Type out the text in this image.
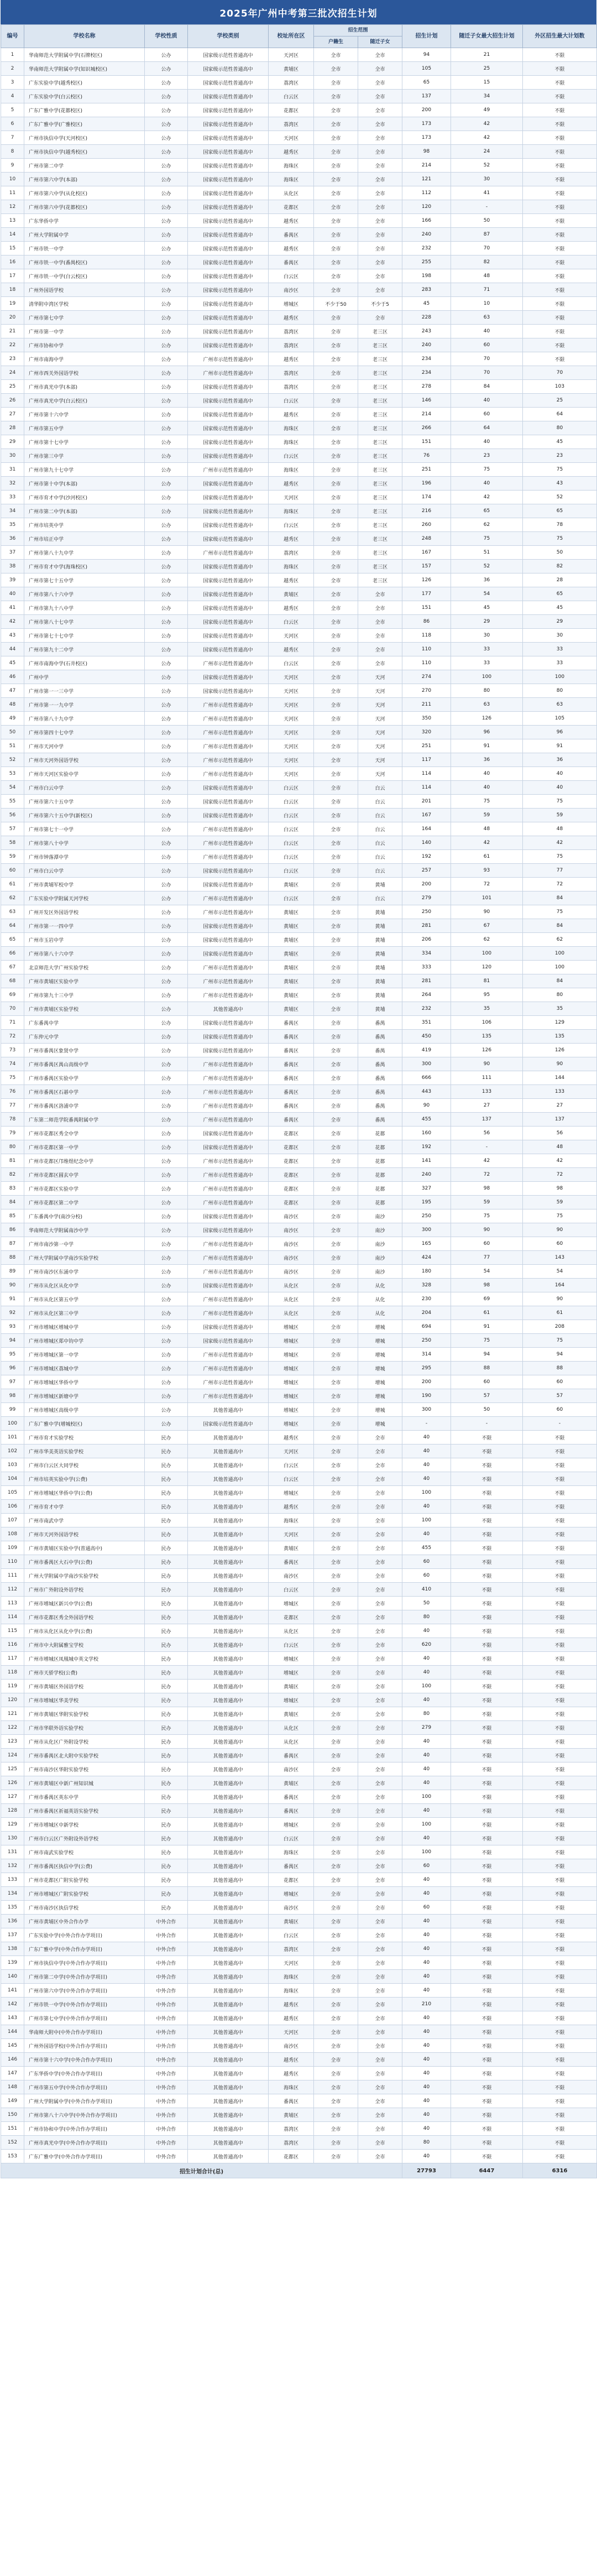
2025年广州中考第三批次招生计划
编号	学校名称	学校性质	学校类别	校址所在区	招生范围		招生计划	随迁子女最大招生计划	外区招生最大计划数
					户籍生	随迁子女			
1	华南师范大学附属中学(石牌校区)	公办	国家级示范性普通高中	天河区	全市	全市	94	21	不限
2	华南师范大学附属中学(知识城校区)	公办	国家级示范性普通高中	黄埔区	全市	全市	105	25	不限
3	广东实验中学(越秀校区)	公办	国家级示范性普通高中	荔湾区	全市	全市	65	15	不限
4	广东实验中学(白云校区)	公办	国家级示范性普通高中	白云区	全市	全市	137	34	不限
5	广东广雅中学(花都校区)	公办	国家级示范性普通高中	花都区	全市	全市	200	49	不限
6	广东广雅中学(广雅校区)	公办	国家级示范性普通高中	荔湾区	全市	全市	173	42	不限
7	广州市执信中学(天河校区)	公办	国家级示范性普通高中	天河区	全市	全市	173	42	不限
8	广州市执信中学(越秀校区)	公办	国家级示范性普通高中	越秀区	全市	全市	98	24	不限
9	广州市第二中学	公办	国家级示范性普通高中	海珠区	全市	全市	214	52	不限
10	广州市第六中学(本部)	公办	国家级示范性普通高中	海珠区	全市	全市	121	30	不限
11	广州市第六中学(从化校区)	公办	国家级示范性普通高中	从化区	全市	全市	112	41	不限
12	广州市第六中学(花都校区)	公办	国家级示范性普通高中	花都区	全市	全市	120	-	不限
13	广东华侨中学	公办	国家级示范性普通高中	越秀区	全市	全市	166	50	不限
14	广州大学附属中学	公办	国家级示范性普通高中	番禺区	全市	全市	240	87	不限
15	广州市铁一中学	公办	国家级示范性普通高中	越秀区	全市	全市	232	70	不限
16	广州市铁一中学(番禺校区)	公办	国家级示范性普通高中	番禺区	全市	全市	255	82	不限
17	广州市铁一中学(白云校区)	公办	国家级示范性普通高中	白云区	全市	全市	198	48	不限
18	广州外国语学校	公办	国家级示范性普通高中	南沙区	全市	全市	283	71	不限
19	清华附中湾区学校	公办	国家级示范性普通高中	增城区	不少于50	不少于5	45	10	不限
20	广州市第七中学	公办	国家级示范性普通高中	越秀区	全市	全市	228	63	不限
21	广州市第一中学	公办	国家级示范性普通高中	荔湾区	全市	老三区	243	40	不限
22	广州市协和中学	公办	国家级示范性普通高中	荔湾区	全市	老三区	240	60	不限
23	广州市南海中学	公办	广州市示范性普通高中	越秀区	全市	老三区	234	70	不限
24	广州市西关外国语学校	公办	广州市示范性普通高中	荔湾区	全市	老三区	234	70	70
25	广州市真光中学(本部)	公办	国家级示范性普通高中	荔湾区	全市	老三区	278	84	103
26	广州市真光中学(白云校区)	公办	国家级示范性普通高中	白云区	全市	老三区	146	40	25
27	广州市第十六中学	公办	国家级示范性普通高中	越秀区	全市	老三区	214	60	64
28	广州市第五中学	公办	国家级示范性普通高中	海珠区	全市	老三区	266	64	80
29	广州市第十七中学	公办	国家级示范性普通高中	海珠区	全市	老三区	151	40	45
30	广州市第三中学	公办	国家级示范性普通高中	白云区	全市	老三区	76	23	23
31	广州市第九十七中学	公办	广州市示范性普通高中	海珠区	全市	老三区	251	75	75
32	广州市第十中学(本部)	公办	国家级示范性普通高中	越秀区	全市	老三区	196	40	43
33	广州市育才中学(沙河校区)	公办	国家级示范性普通高中	天河区	全市	老三区	174	42	52
34	广州市第二中学(本部)	公办	国家级示范性普通高中	海珠区	全市	老三区	216	65	65
35	广州市培英中学	公办	国家级示范性普通高中	白云区	全市	老三区	260	62	78
36	广州市培正中学	公办	国家级示范性普通高中	越秀区	全市	老三区	248	75	75
37	广州市第八十九中学	公办	广州市示范性普通高中	荔湾区	全市	老三区	167	51	50
38	广州市育才中学(海珠校区)	公办	国家级示范性普通高中	海珠区	全市	老三区	157	52	82
39	广州市第七十五中学	公办	国家级示范性普通高中	越秀区	全市	老三区	126	36	28
40	广州市第八十六中学	公办	国家级示范性普通高中	黄埔区	全市	全市	177	54	65
41	广州市第九十八中学	公办	国家级示范性普通高中	越秀区	全市	全市	151	45	45
42	广州市第八十七中学	公办	国家级示范性普通高中	白云区	全市	全市	86	29	29
43	广州市第七十七中学	公办	国家级示范性普通高中	天河区	全市	全市	118	30	30
44	广州市第九十二中学	公办	国家级示范性普通高中	越秀区	全市	全市	110	33	33
45	广州市南海中学(石井校区)	公办	广州市示范性普通高中	白云区	全市	全市	110	33	33
46	广州中学	公办	国家级示范性普通高中	天河区	全市	天河	274	100	100
47	广州市第一一三中学	公办	国家级示范性普通高中	天河区	全市	天河	270	80	80
48	广州市第一一九中学	公办	广州市示范性普通高中	天河区	全市	天河	211	63	63
49	广州市第八十九中学	公办	广州市示范性普通高中	天河区	全市	天河	350	126	105
50	广州市第四十七中学	公办	广州市示范性普通高中	天河区	全市	天河	320	96	96
51	广州市天河中学	公办	广州市示范性普通高中	天河区	全市	天河	251	91	91
52	广州市天河外国语学校	公办	广州市示范性普通高中	天河区	全市	天河	117	36	36
53	广州市天河区实验中学	公办	广州市示范性普通高中	天河区	全市	天河	114	40	40
54	广州市白云中学	公办	国家级示范性普通高中	白云区	全市	白云	114	40	40
55	广州市第六十五中学	公办	国家级示范性普通高中	白云区	全市	白云	201	75	75
56	广州市第六十五中学(新校区)	公办	国家级示范性普通高中	白云区	全市	白云	167	59	59
57	广州市第七十一中学	公办	广州市示范性普通高中	白云区	全市	白云	164	48	48
58	广州市第八十中学	公办	广州市示范性普通高中	白云区	全市	白云	140	42	42
59	广州市钟落潭中学	公办	广州市示范性普通高中	白云区	全市	白云	192	61	75
60	广州市白云中学	公办	国家级示范性普通高中	白云区	全市	白云	257	93	77
61	广州市黄埔军校中学	公办	国家级示范性普通高中	黄埔区	全市	黄埔	200	72	72
62	广东实验中学附属天河学校	公办	广州市示范性普通高中	白云区	全市	白云	279	101	84
63	广州开发区外国语学校	公办	广州市示范性普通高中	黄埔区	全市	黄埔	250	90	75
64	广州市第一一四中学	公办	国家级示范性普通高中	黄埔区	全市	黄埔	281	67	84
65	广州市玉岩中学	公办	国家级示范性普通高中	黄埔区	全市	黄埔	206	62	62
66	广州市第八十六中学	公办	国家级示范性普通高中	黄埔区	全市	黄埔	334	100	100
67	北京师范大学广州实验学校	公办	广州市示范性普通高中	黄埔区	全市	黄埔	333	120	100
68	广州市黄埔区实验中学	公办	广州市示范性普通高中	黄埔区	全市	黄埔	281	81	84
69	广州市第九十三中学	公办	广州市示范性普通高中	黄埔区	全市	黄埔	264	95	80
70	广州市黄埔区实验学校	公办	其他普通高中	黄埔区	全市	黄埔	232	35	35
71	广东番禺中学	公办	国家级示范性普通高中	番禺区	全市	番禺	351	106	129
72	广东仲元中学	公办	国家级示范性普通高中	番禺区	全市	番禺	450	135	135
73	广州市番禺区象贤中学	公办	国家级示范性普通高中	番禺区	全市	番禺	419	126	126
74	广州市番禺区禺山高级中学	公办	广州市示范性普通高中	番禺区	全市	番禺	300	90	90
75	广州市番禺区实验中学	公办	广州市示范性普通高中	番禺区	全市	番禺	666	111	144
76	广州市番禺区石碁中学	公办	广州市示范性普通高中	番禺区	全市	番禺	443	133	133
77	广州市番禺区洛浦中学	公办	广州市示范性普通高中	番禺区	全市	番禺	90	27	27
78	广东第二师范学院番禺附属中学	公办	广州市示范性普通高中	番禺区	全市	番禺	455	137	137
79	广州市花都区秀全中学	公办	国家级示范性普通高中	花都区	全市	花都	160	56	56
80	广州市花都区第一中学	公办	国家级示范性普通高中	花都区	全市	花都	192	-	48
81	广州市花都区邝维煜纪念中学	公办	广州市示范性普通高中	花都区	全市	花都	141	42	42
82	广州市花都区圆玄中学	公办	广州市示范性普通高中	花都区	全市	花都	240	72	72
83	广州市花都区实验中学	公办	广州市示范性普通高中	花都区	全市	花都	327	98	98
84	广州市花都区第二中学	公办	广州市示范性普通高中	花都区	全市	花都	195	59	59
85	广东番禺中学(南沙分校)	公办	国家级示范性普通高中	南沙区	全市	南沙	250	75	75
86	华南师范大学附属南沙中学	公办	国家级示范性普通高中	南沙区	全市	南沙	300	90	90
87	广州市南沙第一中学	公办	广州市示范性普通高中	南沙区	全市	南沙	165	60	60
88	广州大学附属中学南沙实验学校	公办	广州市示范性普通高中	南沙区	全市	南沙	424	77	143
89	广州市南沙区东涌中学	公办	广州市示范性普通高中	南沙区	全市	南沙	180	54	54
90	广州市从化区从化中学	公办	国家级示范性普通高中	从化区	全市	从化	328	98	164
91	广州市从化区第五中学	公办	广州市示范性普通高中	从化区	全市	从化	230	69	90
92	广州市从化区第三中学	公办	广州市示范性普通高中	从化区	全市	从化	204	61	61
93	广州市增城区增城中学	公办	国家级示范性普通高中	增城区	全市	增城	694	91	208
94	广州市增城区郑中钧中学	公办	国家级示范性普通高中	增城区	全市	增城	250	75	75
95	广州市增城区第一中学	公办	广州市示范性普通高中	增城区	全市	增城	314	94	94
96	广州市增城区荔城中学	公办	广州市示范性普通高中	增城区	全市	增城	295	88	88
97	广州市增城区华侨中学	公办	广州市示范性普通高中	增城区	全市	增城	200	60	60
98	广州市增城区新塘中学	公办	广州市示范性普通高中	增城区	全市	增城	190	57	57
99	广州市增城区高级中学	公办	其他普通高中	增城区	全市	增城	300	50	60
100	广东广雅中学(增城校区)	公办	国家级示范性普通高中	增城区	全市	增城	-	-	-
101	广州市育才实验学校	民办	其他普通高中	越秀区	全市	全市	40	不限	不限
102	广州市华美英语实验学校	民办	其他普通高中	天河区	全市	全市	40	不限	不限
103	广州市白云区大同学校	民办	其他普通高中	白云区	全市	全市	40	不限	不限
104	广州市培英实验中学(公费)	民办	其他普通高中	白云区	全市	全市	40	不限	不限
105	广州市增城区华侨中学(公费)	民办	其他普通高中	增城区	全市	全市	100	不限	不限
106	广州市育才中学	民办	其他普通高中	越秀区	全市	全市	40	不限	不限
107	广州市南武中学	民办	其他普通高中	海珠区	全市	全市	100	不限	不限
108	广州市天河外国语学校	民办	其他普通高中	天河区	全市	全市	40	不限	不限
109	广州市黄埔区实验中学(普通高中)	民办	其他普通高中	黄埔区	全市	全市	455	不限	不限
110	广州市番禺区大石中学(公费)	民办	其他普通高中	番禺区	全市	全市	60	不限	不限
111	广州大学附属中学南沙实验学校	民办	其他普通高中	南沙区	全市	全市	60	不限	不限
112	广州市广外附设外语学校	民办	其他普通高中	白云区	全市	全市	410	不限	不限
113	广州市增城区新兴中学(公费)	民办	其他普通高中	增城区	全市	全市	50	不限	不限
114	广州市花都区秀全外国语学校	民办	其他普通高中	花都区	全市	全市	80	不限	不限
115	广州市从化区从化中学(公费)	民办	其他普通高中	从化区	全市	全市	40	不限	不限
116	广州市中大附属雅宝学校	民办	其他普通高中	白云区	全市	全市	620	不限	不限
117	广州市增城区凤凰城中英文学校	民办	其他普通高中	增城区	全市	全市	40	不限	不限
118	广州市天骄学校(公费)	民办	其他普通高中	增城区	全市	全市	40	不限	不限
119	广州市黄埔区外国语学校	民办	其他普通高中	黄埔区	全市	全市	100	不限	不限
120	广州市增城区华美学校	民办	其他普通高中	增城区	全市	全市	40	不限	不限
121	广州市黄埔区华附实验学校	民办	其他普通高中	黄埔区	全市	全市	80	不限	不限
122	广州市华联外语实验学校	民办	其他普通高中	从化区	全市	全市	279	不限	不限
123	广州市从化区广外附设学校	民办	其他普通高中	从化区	全市	全市	40	不限	不限
124	广州市番禺区北大附中实验学校	民办	其他普通高中	番禺区	全市	全市	40	不限	不限
125	广州市南沙区华附实验学校	民办	其他普通高中	南沙区	全市	全市	40	不限	不限
126	广州市黄埔区中新广州知识城	民办	其他普通高中	黄埔区	全市	全市	40	不限	不限
127	广州市番禺区英东中学	民办	其他普通高中	番禺区	全市	全市	100	不限	不限
128	广州市番禺区祈福英语实验学校	民办	其他普通高中	番禺区	全市	全市	40	不限	不限
129	广州市增城区中新学校	民办	其他普通高中	增城区	全市	全市	100	不限	不限
130	广州市白云区广外附设外语学校	民办	其他普通高中	白云区	全市	全市	40	不限	不限
131	广州市南武实验学校	民办	其他普通高中	海珠区	全市	全市	100	不限	不限
132	广州市番禺区执信中学(公费)	民办	其他普通高中	番禺区	全市	全市	60	不限	不限
133	广州市花都区广附实验学校	民办	其他普通高中	花都区	全市	全市	40	不限	不限
134	广州市增城区广附实验学校	民办	其他普通高中	增城区	全市	全市	40	不限	不限
135	广州市南沙区执信学校	民办	其他普通高中	南沙区	全市	全市	60	不限	不限
136	广州市黄埔区中外合作办学	中外合作	其他普通高中	黄埔区	全市	全市	40	不限	不限
137	广东实验中学(中外合作办学项目)	中外合作	其他普通高中	白云区	全市	全市	40	不限	不限
138	广东广雅中学(中外合作办学项目)	中外合作	其他普通高中	荔湾区	全市	全市	40	不限	不限
139	广州市执信中学(中外合作办学项目)	中外合作	其他普通高中	天河区	全市	全市	40	不限	不限
140	广州市第二中学(中外合作办学项目)	中外合作	其他普通高中	海珠区	全市	全市	40	不限	不限
141	广州市第六中学(中外合作办学项目)	中外合作	其他普通高中	海珠区	全市	全市	40	不限	不限
142	广州市铁一中学(中外合作办学项目)	中外合作	其他普通高中	越秀区	全市	全市	210	不限	不限
143	广州市第七中学(中外合作办学项目)	中外合作	其他普通高中	越秀区	全市	全市	40	不限	不限
144	华南师大附中(中外合作办学项目)	中外合作	其他普通高中	天河区	全市	全市	40	不限	不限
145	广州外国语学校(中外合作办学项目)	中外合作	其他普通高中	南沙区	全市	全市	40	不限	不限
146	广州市第十六中学(中外合作办学项目)	中外合作	其他普通高中	越秀区	全市	全市	40	不限	不限
147	广东华侨中学(中外合作办学项目)	中外合作	其他普通高中	越秀区	全市	全市	40	不限	不限
148	广州市第五中学(中外合作办学项目)	中外合作	其他普通高中	海珠区	全市	全市	40	不限	不限
149	广州大学附属中学(中外合作办学项目)	中外合作	其他普通高中	番禺区	全市	全市	40	不限	不限
150	广州市第八十六中学(中外合作办学项目)	中外合作	其他普通高中	黄埔区	全市	全市	40	不限	不限
151	广州市协和中学(中外合作办学项目)	中外合作	其他普通高中	荔湾区	全市	全市	40	不限	不限
152	广州市真光中学(中外合作办学项目)	中外合作	其他普通高中	荔湾区	全市	全市	80	不限	不限
153	广东广雅中学(中外合作办学项目)	中外合作	其他普通高中	花都区	全市	全市	40	不限	不限
招生计划合计(总)							27793	6447	6316
